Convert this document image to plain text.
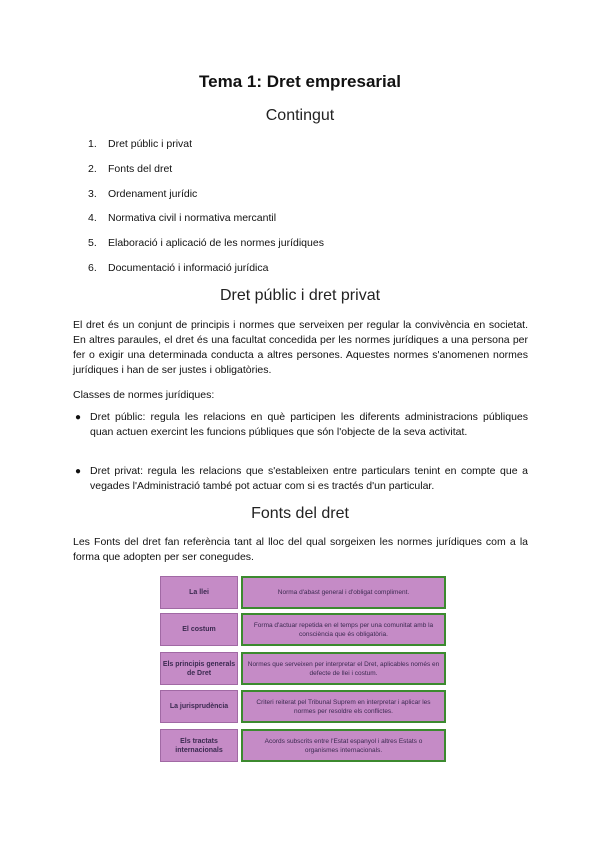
Tema 1: Dret empresarial
Contingut
1. Dret públic i privat
2. Fonts del dret
3. Ordenament jurídic
4. Normativa civil i normativa mercantil
5. Elaboració i aplicació de les normes jurídiques
6. Documentació i informació jurídica
Dret públic i dret privat

El dret és un conjunt de principis i normes que serveixen per regular la convivència en societat. En altres paraules, el dret és una facultat concedida per les normes jurídiques a una persona per fer o exigir una determinada conducta a altres persones. Aquestes normes s'anomenen normes jurídiques i han de ser justes i obligatòries.

Classes de normes jurídiques:

● Dret públic: regula les relacions en què participen les diferents administracions públiques quan actuen exercint les funcions públiques que són l'objecte de la seva activitat.

● Dret privat: regula les relacions que s'estableixen entre particulars tenint en compte que a vegades l'Administració també pot actuar com si es tractés d'un particular.

Fonts del dret

Les Fonts del dret fan referència tant al lloc del qual sorgeixen les normes jurídiques com a la forma que adopten per ser conegudes.

La llei	Norma d'abast general i d'obligat compliment.
El costum
Forma d'actuar repetida en el temps per una comunitat amb la consciència que és obligatòria.
Els principis generals de Dret
Normes que serveixen per interpretar el Dret, aplicables només en defecte de llei i costum.
La jurisprudència
Criteri reiterat pel Tribunal Suprem en interpretar i aplicar les normes per resoldre els conflictes.
Els tractats internacionals
Acords subscrits entre l'Estat espanyol i altres Estats o organismes internacionals.
